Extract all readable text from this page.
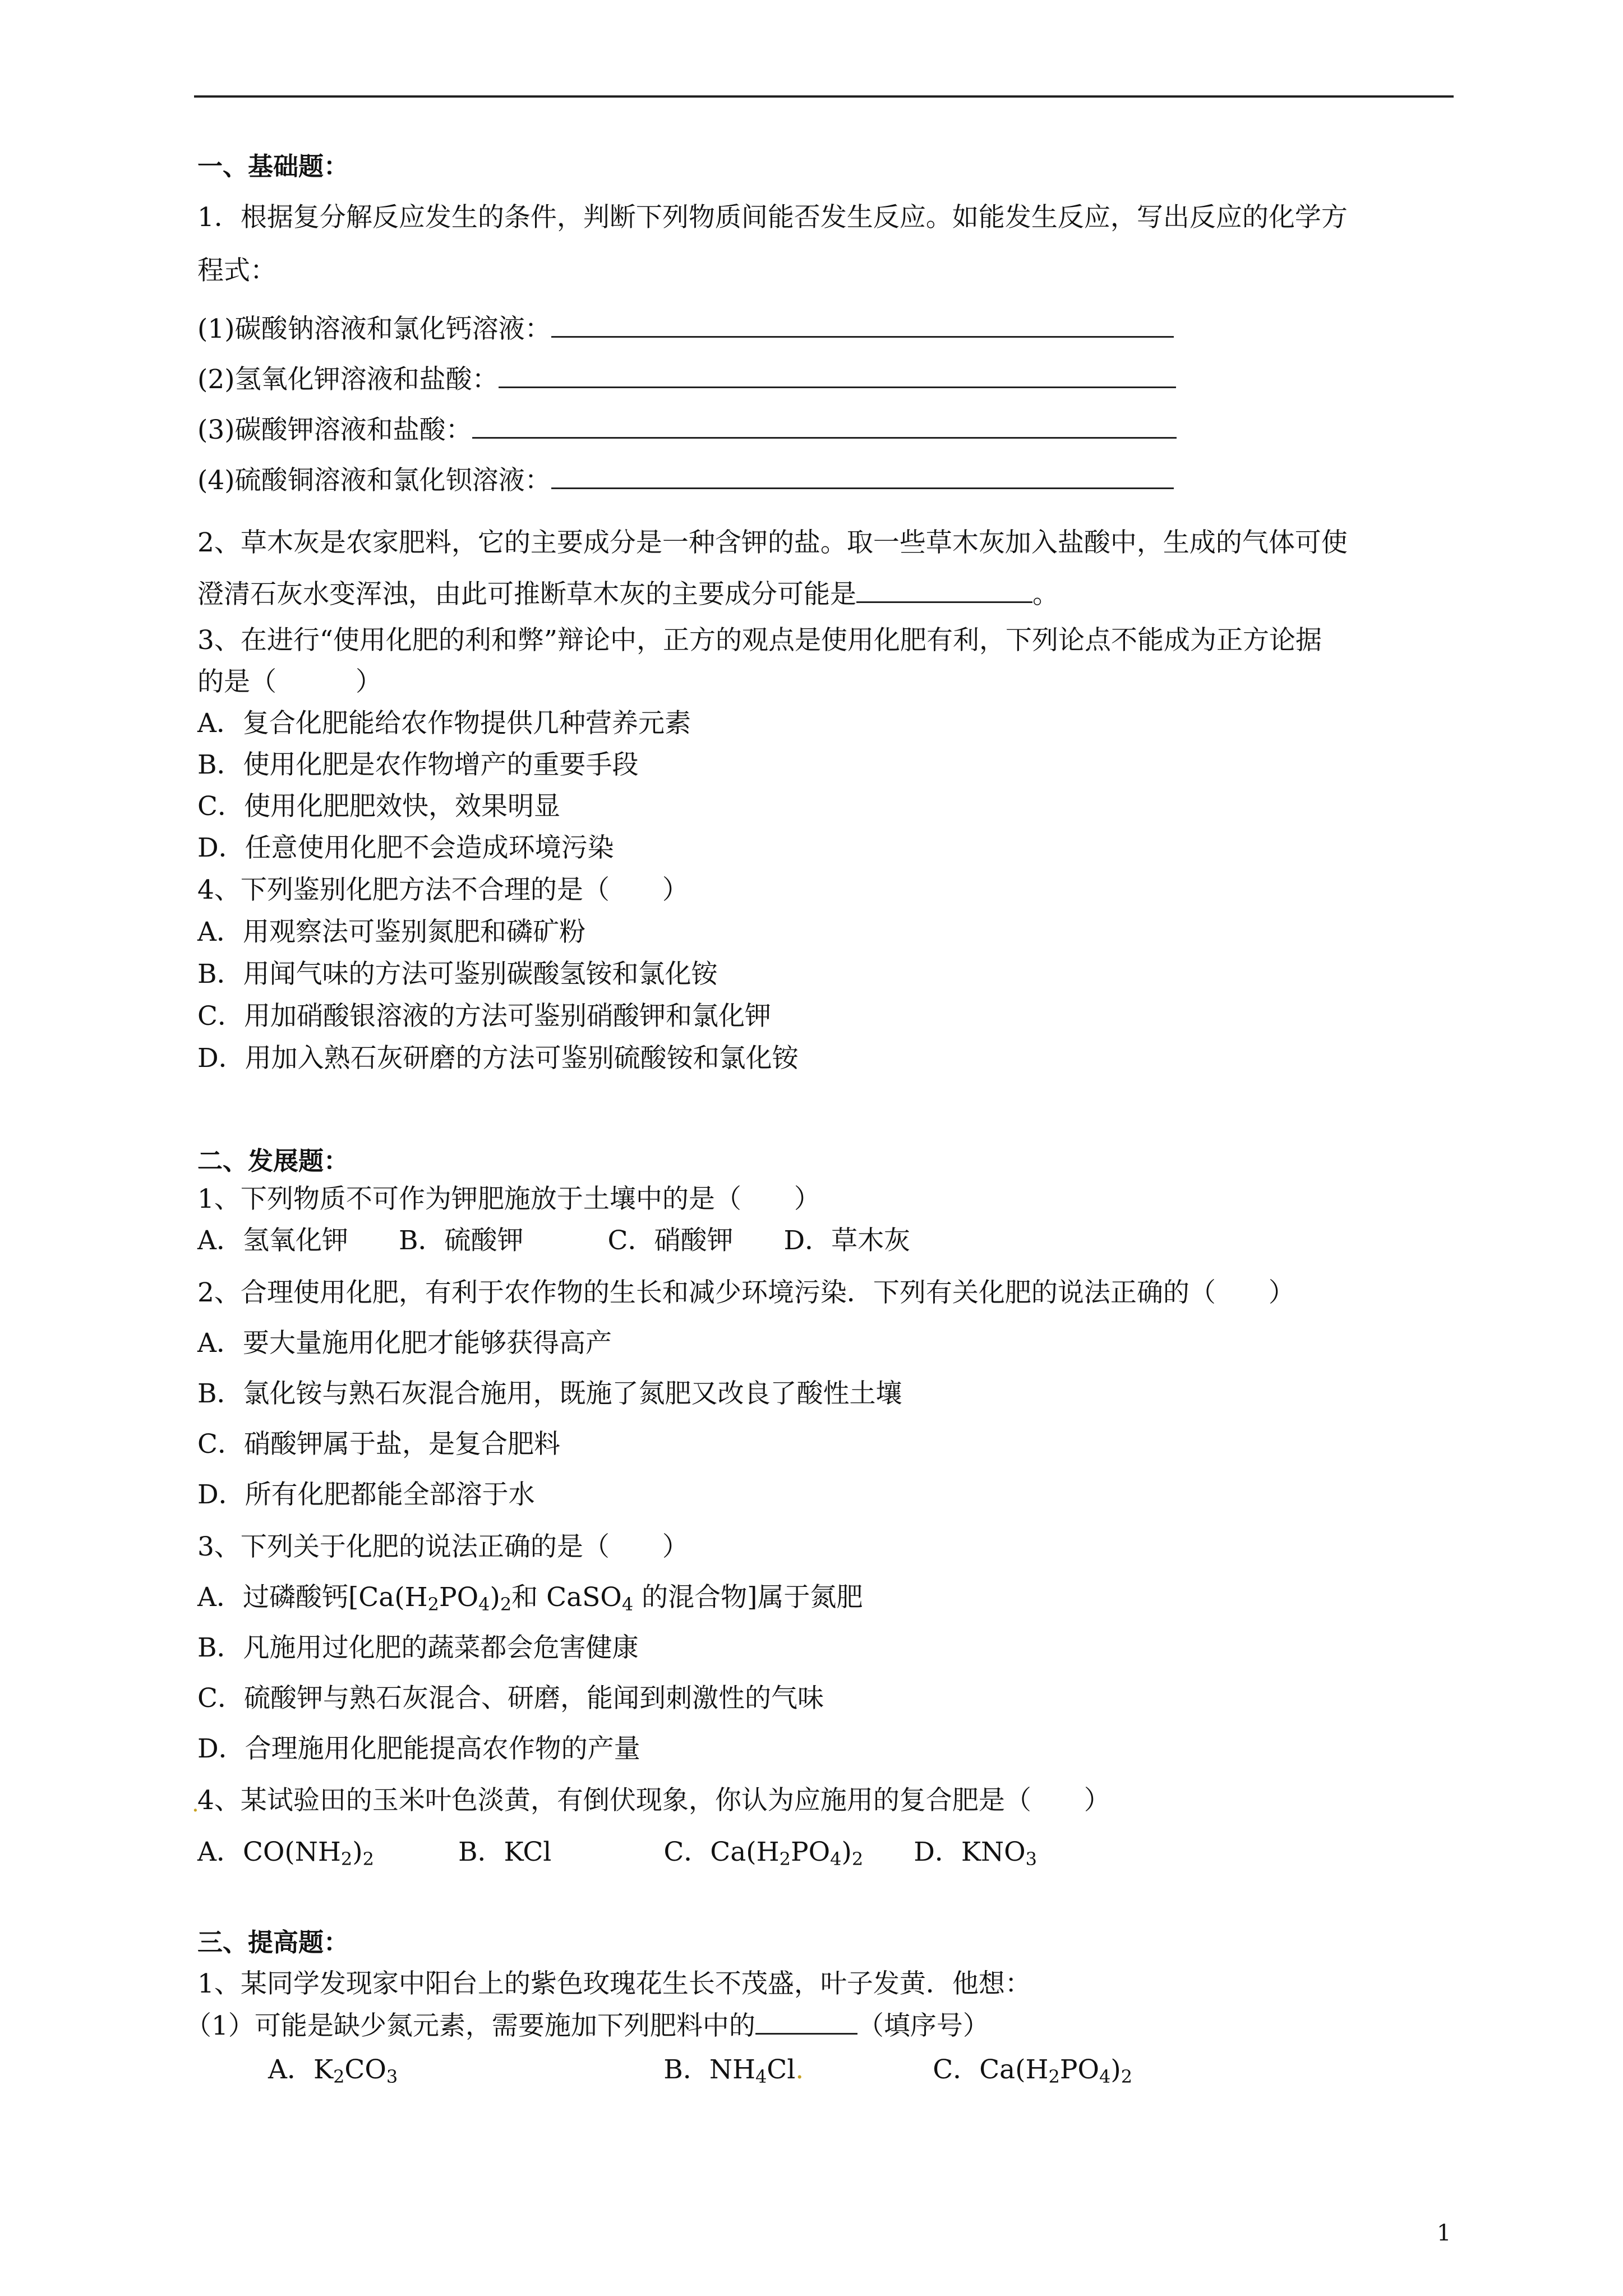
一、基础题：
1．根据复分解反应发生的条件，判断下列物质间能否发生反应。如能发生反应，写出反应的化学方
程式：
(1)碳酸钠溶液和氯化钙溶液：
(2)氢氧化钾溶液和盐酸：
(3)碳酸钾溶液和盐酸：
(4)硫酸铜溶液和氯化钡溶液：
2、草木灰是农家肥料，它的主要成分是一种含钾的盐。取一些草木灰加入盐酸中，生成的气体可使
澄清石灰水变浑浊，由此可推断草木灰的主要成分可能是	。
3、在进行“使用化肥的利和弊”辩论中，正方的观点是使用化肥有利，下列论点不能成为正方论据
的是（　　　）
A．复合化肥能给农作物提供几种营养元素
B．使用化肥是农作物增产的重要手段
C．使用化肥肥效快，效果明显
D．任意使用化肥不会造成环境污染
4、下列鉴别化肥方法不合理的是（　　）
A．用观察法可鉴别氮肥和磷矿粉
B．用闻气味的方法可鉴别碳酸氢铵和氯化铵
C．用加硝酸银溶液的方法可鉴别硝酸钾和氯化钾
D．用加入熟石灰研磨的方法可鉴别硫酸铵和氯化铵
二、发展题：
1、下列物质不可作为钾肥施放于土壤中的是（　　）
A．氢氧化钾 B．硫酸钾	C．硝酸钾 D．草木灰
2、合理使用化肥，有利于农作物的生长和减少环境污染．下列有关化肥的说法正确的（　　）
A．要大量施用化肥才能够获得高产
B．氯化铵与熟石灰混合施用，既施了氮肥又改良了酸性土壤
C．硝酸钾属于盐，是复合肥料
D．所有化肥都能全部溶于水
3、下列关于化肥的说法正确的是（　　）
A．过磷酸钙[$Ca(H_2PO_4)_2$和 CaSO$_4$ 的混合物]属于氮肥
B．凡施用过化肥的蔬菜都会危害健康
C．硫酸钾与熟石灰混合、研磨，能闻到刺激性的气味
D．合理施用化肥能提高农作物的产量
.
4、某试验田的玉米叶色淡黄，有倒伏现象，你认为应施用的复合肥是（　　）
A．$CO(NH_2)_2$	B．KCl	C．$Ca(H_2PO_4)_2$ D．$KNO_3$
三、提高题：
1、某同学发现家中阳台上的紫色玫瑰花生长不茂盛，叶子发黄．他想：
（1）可能是缺少氮元素，需要施加下列肥料中的	（填序号）
A．$K_2CO_3$	B．$NH_4Cl$.	C．$Ca(H_2PO_4)_2$
1
